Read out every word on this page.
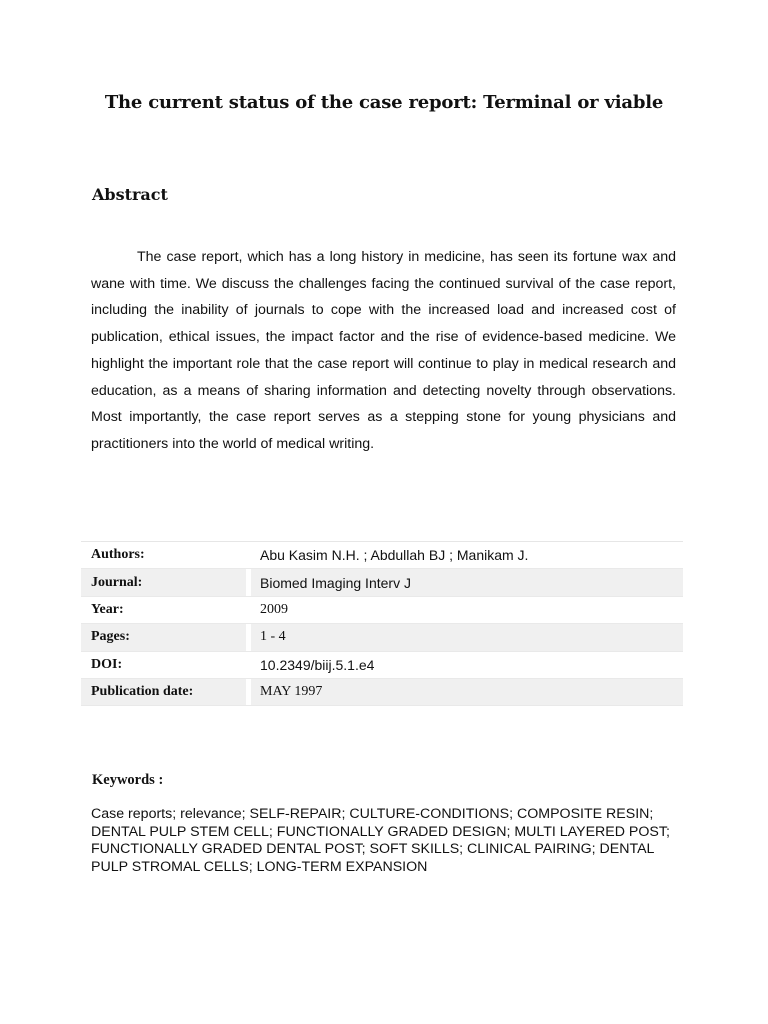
The current status of the case report: Terminal or viable
Abstract

The case report, which has a long history in medicine, has seen its fortune wax and wane with time. We discuss the challenges facing the continued survival of the case report, including the inability of journals to cope with the increased load and increased cost of publication, ethical issues, the impact factor and the rise of evidence-based medicine. We highlight the important role that the case report will continue to play in medical research and education, as a means of sharing information and detecting novelty through observations. Most importantly, the case report serves as a stepping stone for young physicians and practitioners into the world of medical writing.

Authors:		Abu Kasim N.H. ; Abdullah BJ ; Manikam J.
Journal:		Biomed Imaging Interv J
Year:		2009
Pages:		1 - 4
DOI:		10.2349/biij.5.1.e4
Publication date:		MAY 1997
Keywords :

Case reports; relevance; SELF-REPAIR; CULTURE-CONDITIONS; COMPOSITE RESIN; DENTAL PULP STEM CELL; FUNCTIONALLY GRADED DESIGN; MULTI LAYERED POST; FUNCTIONALLY GRADED DENTAL POST; SOFT SKILLS; CLINICAL PAIRING; DENTAL PULP STROMAL CELLS; LONG-TERM EXPANSION
